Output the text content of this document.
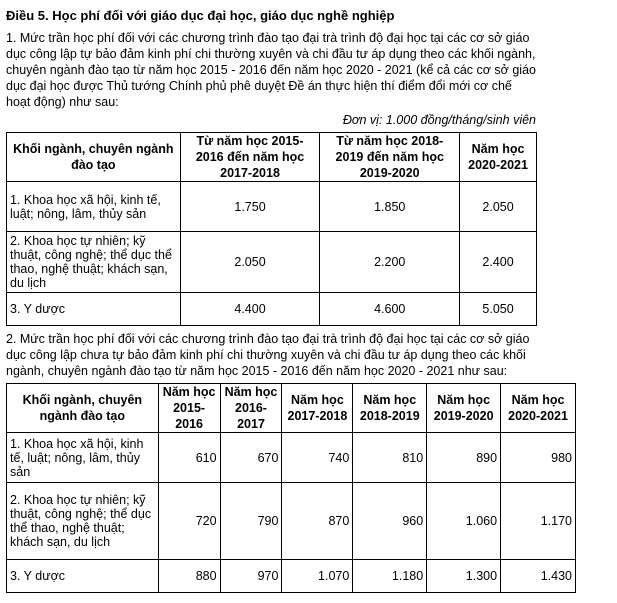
Điều 5. Học phí đối với giáo dục đại học, giáo dục nghề nghiệp

1. Mức trần học phí đối với các chương trình đào tạo đại trà trình độ đại học tại các cơ sở giáo dục công lập tự bảo đảm kinh phí chi thường xuyên và chi đầu tư áp dụng theo các khối ngành, chuyên ngành đào tạo từ năm học 2015 - 2016 đến năm học 2020 - 2021 (kể cả các cơ sở giáo dục đại học được Thủ tướng Chính phủ phê duyệt Đề án thực hiện thí điểm đổi mới cơ chế hoạt động) như sau:

Đơn vị: 1.000 đồng/tháng/sinh viên
Khối ngành, chuyên ngành đào tạo	Từ năm học 2015-2016 đến năm học 2017-2018	Từ năm học 2018-2019 đến năm học 2019-2020	Năm học 2020-2021
1. Khoa học xã hội, kinh tế, luật; nông, lâm, thủy sản	1.750	1.850	2.050
2. Khoa học tự nhiên; kỹ thuật, công nghệ; thể dục thể thao, nghệ thuật; khách sạn, du lịch	2.050	2.200	2.400
3. Y dược	4.400	4.600	5.050

2. Mức trần học phí đối với các chương trình đào tạo đại trà trình độ đại học tại các cơ sở giáo dục công lập chưa tự bảo đảm kinh phí chi thường xuyên và chi đầu tư áp dụng theo các khối ngành, chuyên ngành đào tạo từ năm học 2015 - 2016 đến năm học 2020 - 2021 như sau:

Khối ngành, chuyên ngành đào tạo	Năm học 2015-2016	Năm học 2016-2017	Năm học 2017-2018	Năm học 2018-2019	Năm học 2019-2020	Năm học 2020-2021
1. Khoa học xã hội, kinh tế, luật; nông, lâm, thủy sản	610	670	740	810	890	980
2. Khoa học tự nhiên; kỹ thuật, công nghệ; thể dục thể thao, nghệ thuật; khách sạn, du lịch	720	790	870	960	1.060	1.170
3. Y dược	880	970	1.070	1.180	1.300	1.430
